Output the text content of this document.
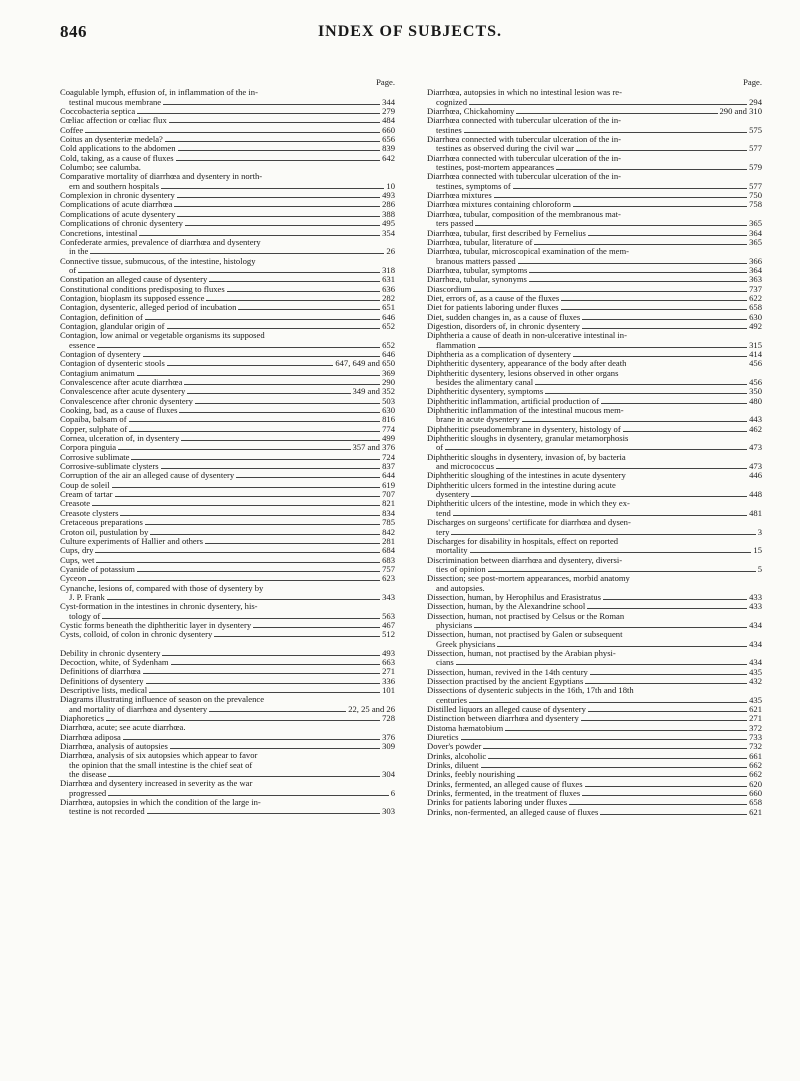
846	INDEX OF SUBJECTS.
Page.
Coagulable lymph, effusion of, in inflammation of the in-
testinal mucous membrane	344
Coccobacteria septica	279
Cœliac affection or cœliac flux	484
Coffee	660
Coitus an dysenteriæ medela?	656
Cold applications to the abdomen	839
Cold, taking, as a cause of fluxes	642
Columbo; see calumba.
Comparative mortality of diarrhœa and dysentery in north-
ern and southern hospitals	10
Complexion in chronic dysentery	493
Complications of acute diarrhœa	286
Complications of acute dysentery	388
Complications of chronic dysentery	495
Concretions, intestinal	354
Confederate armies, prevalence of diarrhœa and dysentery
in the	26
Connective tissue, submucous, of the intestine, histology
of	318
Constipation an alleged cause of dysentery	631
Constitutional conditions predisposing to fluxes	636
Contagion, bioplasm its supposed essence	282
Contagion, dysenteric, alleged period of incubation	651
Contagion, definition of	646
Contagion, glandular origin of	652
Contagion, low animal or vegetable organisms its supposed
essence	652
Contagion of dysentery	646
Contagion of dysenteric stools	647, 649 and 650
Contagium animatum	369
Convalescence after acute diarrhœa	290
Convalescence after acute dysentery	349 and 352
Convalescence after chronic dysentery	503
Cooking, bad, as a cause of fluxes	630
Copaiba, balsam of	816
Copper, sulphate of	774
Cornea, ulceration of, in dysentery	499
Corpora pinguia	357 and 376
Corrosive sublimate	724
Corrosive-sublimate clysters	837
Corruption of the air an alleged cause of dysentery	644
Coup de soleil	619
Cream of tartar	707
Creasote	821
Creasote clysters	834
Cretaceous preparations	785
Croton oil, pustulation by	842
Culture experiments of Hallier and others	281
Cups, dry	684
Cups, wet	683
Cyanide of potassium	757
Cyceon	623
Cynanche, lesions of, compared with those of dysentery by
J. P. Frank	343
Cyst-formation in the intestines in chronic dysentery, his-
tology of	563
Cystic forms beneath the diphtheritic layer in dysentery	467
Cysts, colloid, of colon in chronic dysentery	512
Debility in chronic dysentery	493
Decoction, white, of Sydenham	663
Definitions of diarrhœa	271
Definitions of dysentery	336
Descriptive lists, medical	101
Diagrams illustrating influence of season on the prevalence
and mortality of diarrhœa and dysentery	22, 25 and 26
Diaphoretics	728
Diarrhœa, acute; see acute diarrhœa.
Diarrhœa adiposa	376
Diarrhœa, analysis of autopsies	309
Diarrhœa, analysis of six autopsies which appear to favor
the opinion that the small intestine is the chief seat of
the disease	304
Diarrhœa and dysentery increased in severity as the war
progressed	6
Diarrhœa, autopsies in which the condition of the large in-
testine is not recorded	303
Page.
Diarrhœa, autopsies in which no intestinal lesion was re-
cognized	294
Diarrhœa, Chickahominy	290 and 310
Diarrhœa connected with tubercular ulceration of the in-
testines	575
Diarrhœa connected with tubercular ulceration of the in-
testines as observed during the civil war	577
Diarrhœa connected with tubercular ulceration of the in-
testines, post-mortem appearances	579
Diarrhœa connected with tubercular ulceration of the in-
testines, symptoms of	577
Diarrhœa mixtures	750
Diarrhœa mixtures containing chloroform	758
Diarrhœa, tubular, composition of the membranous mat-
ters passed	365
Diarrhœa, tubular, first described by Fernelius	364
Diarrhœa, tubular, literature of	365
Diarrhœa, tubular, microscopical examination of the mem-
branous matters passed	366
Diarrhœa, tubular, symptoms	364
Diarrhœa, tubular, synonyms	363
Diascordium	737
Diet, errors of, as a cause of the fluxes	622
Diet for patients laboring under fluxes	658
Diet, sudden changes in, as a cause of fluxes	630
Digestion, disorders of, in chronic dysentery	492
Diphtheria a cause of death in non-ulcerative intestinal in-
flammation	315
Diphtheria as a complication of dysentery	414
Diphtheritic dysentery, appearance of the body after death	456
Diphtheritic dysentery, lesions observed in other organs
besides the alimentary canal	456
Diphtheritic dysentery, symptoms	350
Diphtheritic inflammation, artificial production of	480
Diphtheritic inflammation of the intestinal mucous mem-
brane in acute dysentery	443
Diphtheritic pseudomembrane in dysentery, histology of	462
Diphtheritic sloughs in dysentery, granular metamorphosis
of	473
Diphtheritic sloughs in dysentery, invasion of, by bacteria
and micrococcus	473
Diphtheritic sloughing of the intestines in acute dysentery	446
Diphtheritic ulcers formed in the intestine during acute
dysentery	448
Diphtheritic ulcers of the intestine, mode in which they ex-
tend	481
Discharges on surgeons' certificate for diarrhœa and dysen-
tery	3
Discharges for disability in hospitals, effect on reported
mortality	15
Discrimination between diarrhœa and dysentery, diversi-
ties of opinion	5
Dissection; see post-mortem appearances, morbid anatomy
and autopsies.
Dissection, human, by Herophilus and Erasistratus	433
Dissection, human, by the Alexandrine school	433
Dissection, human, not practised by Celsus or the Roman
physicians	434
Dissection, human, not practised by Galen or subsequent
Greek physicians	434
Dissection, human, not practised by the Arabian physi-
cians	434
Dissection, human, revived in the 14th century	435
Dissection practised by the ancient Egyptians	432
Dissections of dysenteric subjects in the 16th, 17th and 18th
centuries	435
Distilled liquors an alleged cause of dysentery	621
Distinction between diarrhœa and dysentery	271
Distoma hæmatobium	372
Diuretics	733
Dover's powder	732
Drinks, alcoholic	661
Drinks, diluent	662
Drinks, feebly nourishing	662
Drinks, fermented, an alleged cause of fluxes	620
Drinks, fermented, in the treatment of fluxes	660
Drinks for patients laboring under fluxes	658
Drinks, non-fermented, an alleged cause of fluxes	621
